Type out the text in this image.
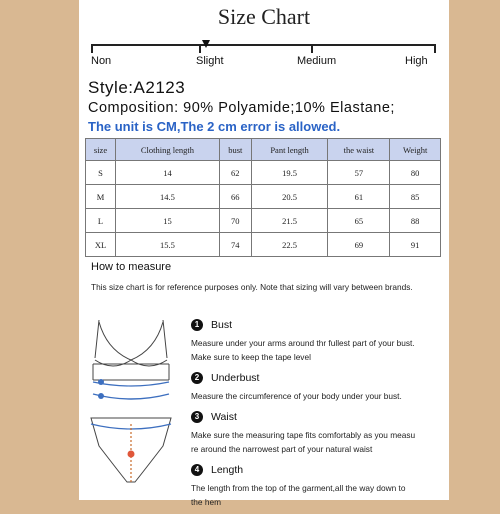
Size Chart
Non	Slight	Medium	High
Style:A2123
Composition: 90% Polyamide;10% Elastane;
The unit is CM,The 2 cm error is allowed.
size	Clothing length	bust	Pant length	the waist	Weight
S	14	62	19.5	57	80
M	14.5	66	20.5	61	85
L	15	70	21.5	65	88
XL	15.5	74	22.5	69	91
How to measure
This size chart is for reference purposes only. Note that sizing will vary between brands.
1 Bust
Measure under your arms around thr fullest part of your bust.
Make sure to keep the tape level
2 Underbust
Measure the circumference of your body under your bust.
3 Waist
Make sure the measuring tape fits comfortably as you measu
re around the narrowest part of your natural waist
4 Length
The length from the top of the garment,all the way down to
the hem
